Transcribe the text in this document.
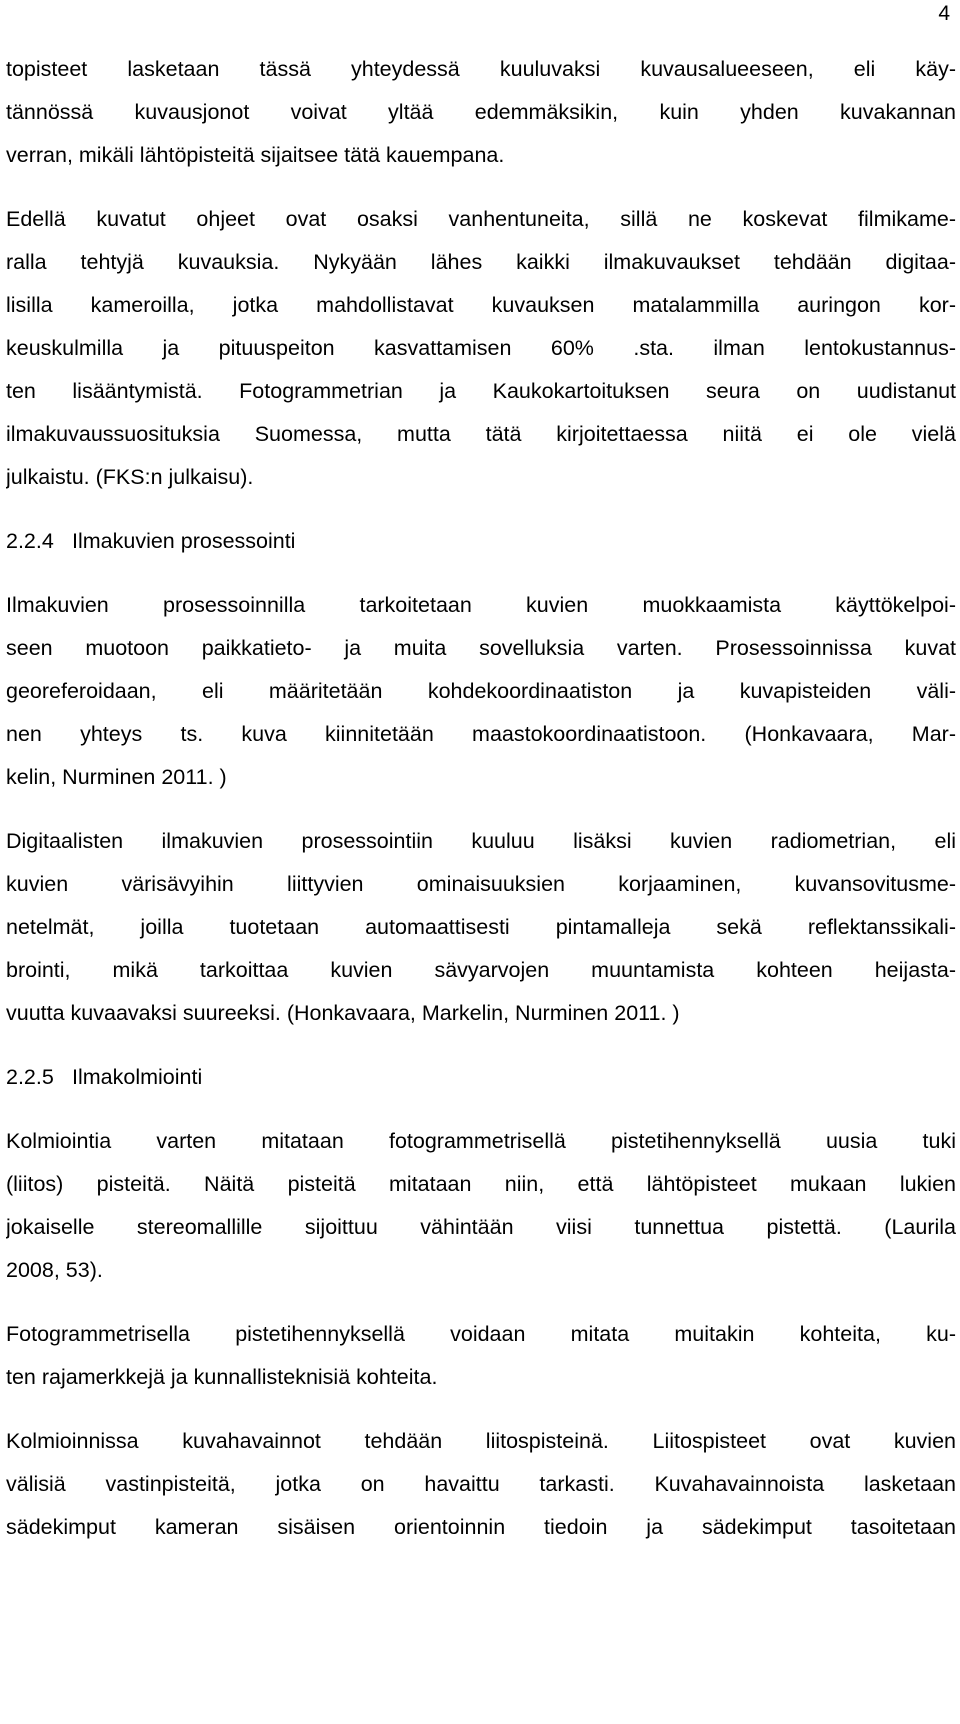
4
topisteet lasketaan tässä yhteydessä kuuluvaksi kuvausalueeseen, eli käy-
tännössä kuvausjonot voivat yltää edemmäksikin, kuin yhden kuvakannan
verran, mikäli lähtöpisteitä sijaitsee tätä kauempana.
Edellä kuvatut ohjeet ovat osaksi vanhentuneita, sillä ne koskevat filmikame-
ralla tehtyjä kuvauksia. Nykyään lähes kaikki ilmakuvaukset tehdään digitaa-
lisilla kameroilla, jotka mahdollistavat kuvauksen matalammilla auringon kor-
keuskulmilla ja pituuspeiton kasvattamisen 60% .sta. ilman lentokustannus-
ten lisääntymistä. Fotogrammetrian ja Kaukokartoituksen seura on uudistanut
ilmakuvaussuosituksia Suomessa, mutta tätä kirjoitettaessa niitä ei ole vielä
julkaistu. (FKS:n julkaisu).
2.2.4 Ilmakuvien prosessointi
Ilmakuvien prosessoinnilla tarkoitetaan kuvien muokkaamista käyttökelpoi-
seen muotoon paikkatieto- ja muita sovelluksia varten. Prosessoinnissa kuvat
georeferoidaan, eli määritetään kohdekoordinaatiston ja kuvapisteiden väli-
nen yhteys ts. kuva kiinnitetään maastokoordinaatistoon. (Honkavaara, Mar-
kelin, Nurminen 2011. )
Digitaalisten ilmakuvien prosessointiin kuuluu lisäksi kuvien radiometrian, eli
kuvien värisävyihin liittyvien ominaisuuksien korjaaminen, kuvansovitusme-
netelmät, joilla tuotetaan automaattisesti pintamalleja sekä reflektanssikali-
brointi, mikä tarkoittaa kuvien sävyarvojen muuntamista kohteen heijasta-
vuutta kuvaavaksi suureeksi. (Honkavaara, Markelin, Nurminen 2011. )
2.2.5 Ilmakolmiointi
Kolmiointia varten mitataan fotogrammetrisellä pistetihennyksellä uusia tuki
(liitos) pisteitä. Näitä pisteitä mitataan niin, että lähtöpisteet mukaan lukien
jokaiselle stereomallille sijoittuu vähintään viisi tunnettua pistettä. (Laurila
2008, 53).
Fotogrammetrisella pistetihennyksellä voidaan mitata muitakin kohteita, ku-
ten rajamerkkejä ja kunnallisteknisiä kohteita.
Kolmioinnissa kuvahavainnot tehdään liitospisteinä. Liitospisteet ovat kuvien
välisiä vastinpisteitä, jotka on havaittu tarkasti. Kuvahavainnoista lasketaan
sädekimput kameran sisäisen orientoinnin tiedoin ja sädekimput tasoitetaan
